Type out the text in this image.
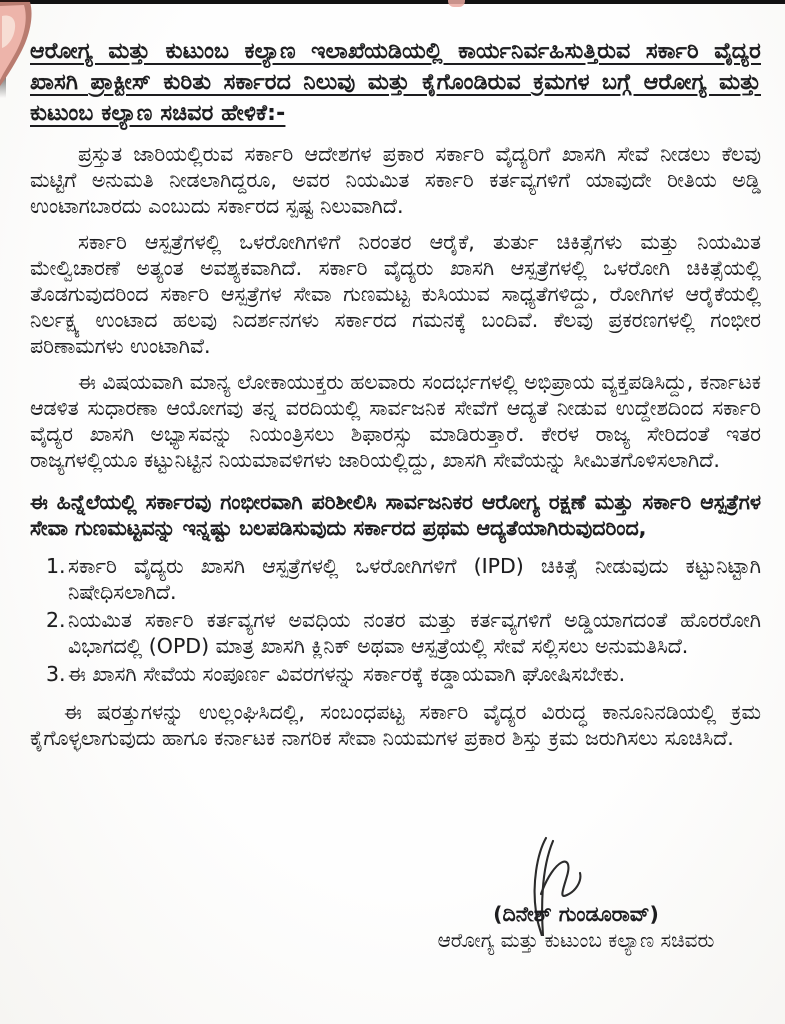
ಆರೋಗ್ಯ ಮತ್ತು ಕುಟುಂಬ ಕಲ್ಯಾಣ ಇಲಾಖೆಯಡಿಯಲ್ಲಿ ಕಾರ್ಯನಿರ್ವಹಿಸುತ್ತಿರುವ ಸರ್ಕಾರಿ ವೈದ್ಯರ ಖಾಸಗಿ ಪ್ರಾಕ್ಟೀಸ್ ಕುರಿತು ಸರ್ಕಾರದ ನಿಲುವು ಮತ್ತು ಕೈಗೊಂಡಿರುವ ಕ್ರಮಗಳ ಬಗ್ಗೆ ಆರೋಗ್ಯ ಮತ್ತು ಕುಟುಂಬ ಕಲ್ಯಾಣ ಸಚಿವರ ಹೇಳಿಕೆ:-

ಪ್ರಸ್ತುತ ಜಾರಿಯಲ್ಲಿರುವ ಸರ್ಕಾರಿ ಆದೇಶಗಳ ಪ್ರಕಾರ ಸರ್ಕಾರಿ ವೈದ್ಯರಿಗೆ ಖಾಸಗಿ ಸೇವೆ ನೀಡಲು ಕೆಲವು ಮಟ್ಟಿಗೆ ಅನುಮತಿ ನೀಡಲಾಗಿದ್ದರೂ, ಅವರ ನಿಯಮಿತ ಸರ್ಕಾರಿ ಕರ್ತವ್ಯಗಳಿಗೆ ಯಾವುದೇ ರೀತಿಯ ಅಡ್ಡಿ ಉಂಟಾಗಬಾರದು ಎಂಬುದು ಸರ್ಕಾರದ ಸ್ಪಷ್ಟ ನಿಲುವಾಗಿದೆ.

ಸರ್ಕಾರಿ ಆಸ್ಪತ್ರೆಗಳಲ್ಲಿ ಒಳರೋಗಿಗಳಿಗೆ ನಿರಂತರ ಆರೈಕೆ, ತುರ್ತು ಚಿಕಿತ್ಸೆಗಳು ಮತ್ತು ನಿಯಮಿತ ಮೇಲ್ವಿಚಾರಣೆ ಅತ್ಯಂತ ಅವಶ್ಯಕವಾಗಿದೆ. ಸರ್ಕಾರಿ ವೈದ್ಯರು ಖಾಸಗಿ ಆಸ್ಪತ್ರೆಗಳಲ್ಲಿ ಒಳರೋಗಿ ಚಿಕಿತ್ಸೆಯಲ್ಲಿ ತೊಡಗುವುದರಿಂದ ಸರ್ಕಾರಿ ಆಸ್ಪತ್ರೆಗಳ ಸೇವಾ ಗುಣಮಟ್ಟ ಕುಸಿಯುವ ಸಾಧ್ಯತೆಗಳಿದ್ದು, ರೋಗಿಗಳ ಆರೈಕೆಯಲ್ಲಿ ನಿರ್ಲಕ್ಷ್ಯ ಉಂಟಾದ ಹಲವು ನಿದರ್ಶನಗಳು ಸರ್ಕಾರದ ಗಮನಕ್ಕೆ ಬಂದಿವೆ. ಕೆಲವು ಪ್ರಕರಣಗಳಲ್ಲಿ ಗಂಭೀರ ಪರಿಣಾಮಗಳು ಉಂಟಾಗಿವೆ.

ಈ ವಿಷಯವಾಗಿ ಮಾನ್ಯ ಲೋಕಾಯುಕ್ತರು ಹಲವಾರು ಸಂದರ್ಭಗಳಲ್ಲಿ ಅಭಿಪ್ರಾಯ ವ್ಯಕ್ತಪಡಿಸಿದ್ದು, ಕರ್ನಾಟಕ ಆಡಳಿತ ಸುಧಾರಣಾ ಆಯೋಗವು ತನ್ನ ವರದಿಯಲ್ಲಿ ಸಾರ್ವಜನಿಕ ಸೇವೆಗೆ ಆದ್ಯತೆ ನೀಡುವ ಉದ್ದೇಶದಿಂದ ಸರ್ಕಾರಿ ವೈದ್ಯರ ಖಾಸಗಿ ಅಭ್ಯಾಸವನ್ನು ನಿಯಂತ್ರಿಸಲು ಶಿಫಾರಸ್ಸು ಮಾಡಿರುತ್ತಾರೆ. ಕೇರಳ ರಾಜ್ಯ ಸೇರಿದಂತೆ ಇತರ ರಾಜ್ಯಗಳಲ್ಲಿಯೂ ಕಟ್ಟುನಿಟ್ಟಿನ ನಿಯಮಾವಳಿಗಳು ಜಾರಿಯಲ್ಲಿದ್ದು, ಖಾಸಗಿ ಸೇವೆಯನ್ನು ಸೀಮಿತಗೊಳಿಸಲಾಗಿದೆ.

ಈ ಹಿನ್ನೆಲೆಯಲ್ಲಿ ಸರ್ಕಾರವು ಗಂಭೀರವಾಗಿ ಪರಿಶೀಲಿಸಿ ಸಾರ್ವಜನಿಕರ ಆರೋಗ್ಯ ರಕ್ಷಣೆ ಮತ್ತು ಸರ್ಕಾರಿ ಆಸ್ಪತ್ರೆಗಳ ಸೇವಾ ಗುಣಮಟ್ಟವನ್ನು ಇನ್ನಷ್ಟು ಬಲಪಡಿಸುವುದು ಸರ್ಕಾರದ ಪ್ರಥಮ ಆದ್ಯತೆಯಾಗಿರುವುದರಿಂದ,

1. ಸರ್ಕಾರಿ ವೈದ್ಯರು ಖಾಸಗಿ ಆಸ್ಪತ್ರೆಗಳಲ್ಲಿ ಒಳರೋಗಿಗಳಿಗೆ (IPD) ಚಿಕಿತ್ಸೆ ನೀಡುವುದು ಕಟ್ಟುನಿಟ್ಟಾಗಿ ನಿಷೇಧಿಸಲಾಗಿದೆ.
2. ನಿಯಮಿತ ಸರ್ಕಾರಿ ಕರ್ತವ್ಯಗಳ ಅವಧಿಯ ನಂತರ ಮತ್ತು ಕರ್ತವ್ಯಗಳಿಗೆ ಅಡ್ಡಿಯಾಗದಂತೆ ಹೊರರೋಗಿ ವಿಭಾಗದಲ್ಲಿ (OPD) ಮಾತ್ರ ಖಾಸಗಿ ಕ್ಲಿನಿಕ್ ಅಥವಾ ಆಸ್ಪತ್ರೆಯಲ್ಲಿ ಸೇವೆ ಸಲ್ಲಿಸಲು ಅನುಮತಿಸಿದೆ.
3. ಈ ಖಾಸಗಿ ಸೇವೆಯ ಸಂಪೂರ್ಣ ವಿವರಗಳನ್ನು ಸರ್ಕಾರಕ್ಕೆ ಕಡ್ಡಾಯವಾಗಿ ಘೋಷಿಸಬೇಕು.

ಈ ಷರತ್ತುಗಳನ್ನು ಉಲ್ಲಂಘಿಸಿದಲ್ಲಿ, ಸಂಬಂಧಪಟ್ಟ ಸರ್ಕಾರಿ ವೈದ್ಯರ ವಿರುದ್ಧ ಕಾನೂನಿನಡಿಯಲ್ಲಿ ಕ್ರಮ ಕೈಗೊಳ್ಳಲಾಗುವುದು ಹಾಗೂ ಕರ್ನಾಟಕ ನಾಗರಿಕ ಸೇವಾ ನಿಯಮಗಳ ಪ್ರಕಾರ ಶಿಸ್ತು ಕ್ರಮ ಜರುಗಿಸಲು ಸೂಚಿಸಿದೆ.

(ದಿನೇಶ್ ಗುಂಡೂರಾವ್)
ಆರೋಗ್ಯ ಮತ್ತು ಕುಟುಂಬ ಕಲ್ಯಾಣ ಸಚಿವರು
